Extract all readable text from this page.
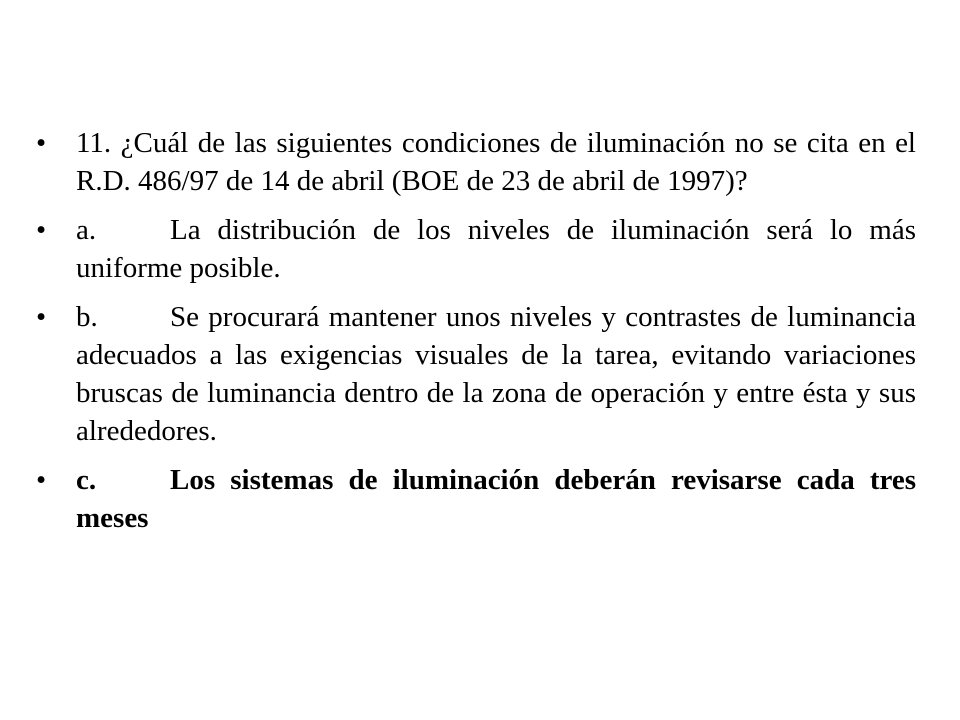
•	11. ¿Cuál de las siguientes condiciones de iluminación no se cita en el R.D. 486/97 de 14 de abril (BOE de 23 de abril de 1997)?
•	a.	La distribución de los niveles de iluminación será lo más uniforme posible.
•	b. Se procurará mantener unos niveles y contrastes de luminancia adecuados a las exigencias visuales de la tarea, evitando variaciones bruscas de luminancia dentro de la zona de operación y entre ésta y sus alrededores.
•	c.	Los sistemas de iluminación deberán revisarse cada tres meses
